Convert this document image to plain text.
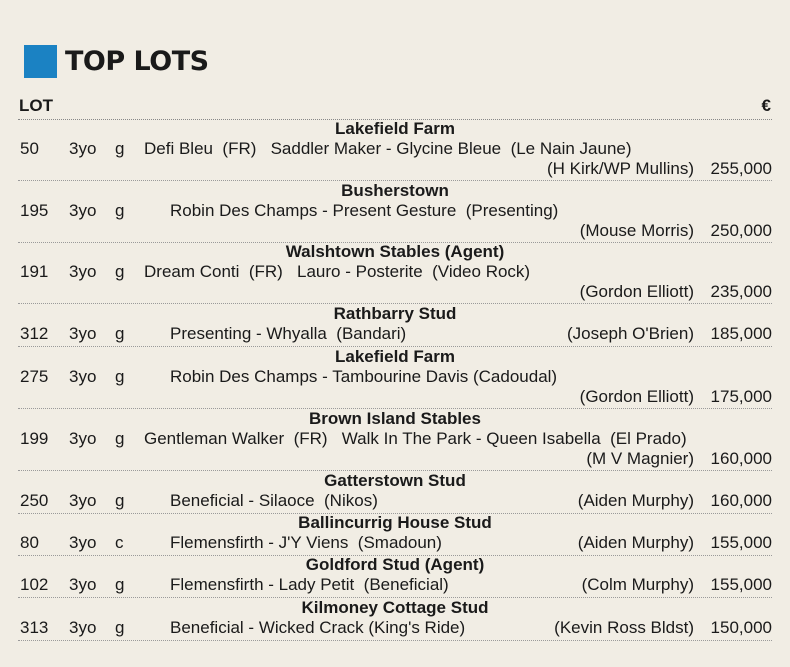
TOP LOTS
LOT	€
Lakefield Farm
50 3yo g Defi Bleu  (FR)   Saddler Maker - Glycine Bleue  (Le Nain Jaune)
(H Kirk/WP Mullins) 255,000
Busherstown
195 3yo g	Robin Des Champs - Present Gesture  (Presenting)
(Mouse Morris) 250,000
Walshtown Stables (Agent)
191 3yo g Dream Conti  (FR)   Lauro - Posterite  (Video Rock)
(Gordon Elliott) 235,000
Rathbarry Stud
312 3yo g	Presenting - Whyalla  (Bandari)	(Joseph O'Brien) 185,000
Lakefield Farm
275 3yo g	Robin Des Champs - Tambourine Davis (Cadoudal)
(Gordon Elliott) 175,000
Brown Island Stables
199 3yo g Gentleman Walker  (FR)   Walk In The Park - Queen Isabella  (El Prado)
(M V Magnier) 160,000
Gatterstown Stud
250 3yo g	Beneficial - Silaoce  (Nikos)	(Aiden Murphy) 160,000
Ballincurrig House Stud
80 3yo c	Flemensfirth - J'Y Viens  (Smadoun)	(Aiden Murphy) 155,000
Goldford Stud (Agent)
102 3yo g	Flemensfirth - Lady Petit  (Beneficial)	(Colm Murphy) 155,000
Kilmoney Cottage Stud
313 3yo g	Beneficial - Wicked Crack (King's Ride)	(Kevin Ross Bldst) 150,000
